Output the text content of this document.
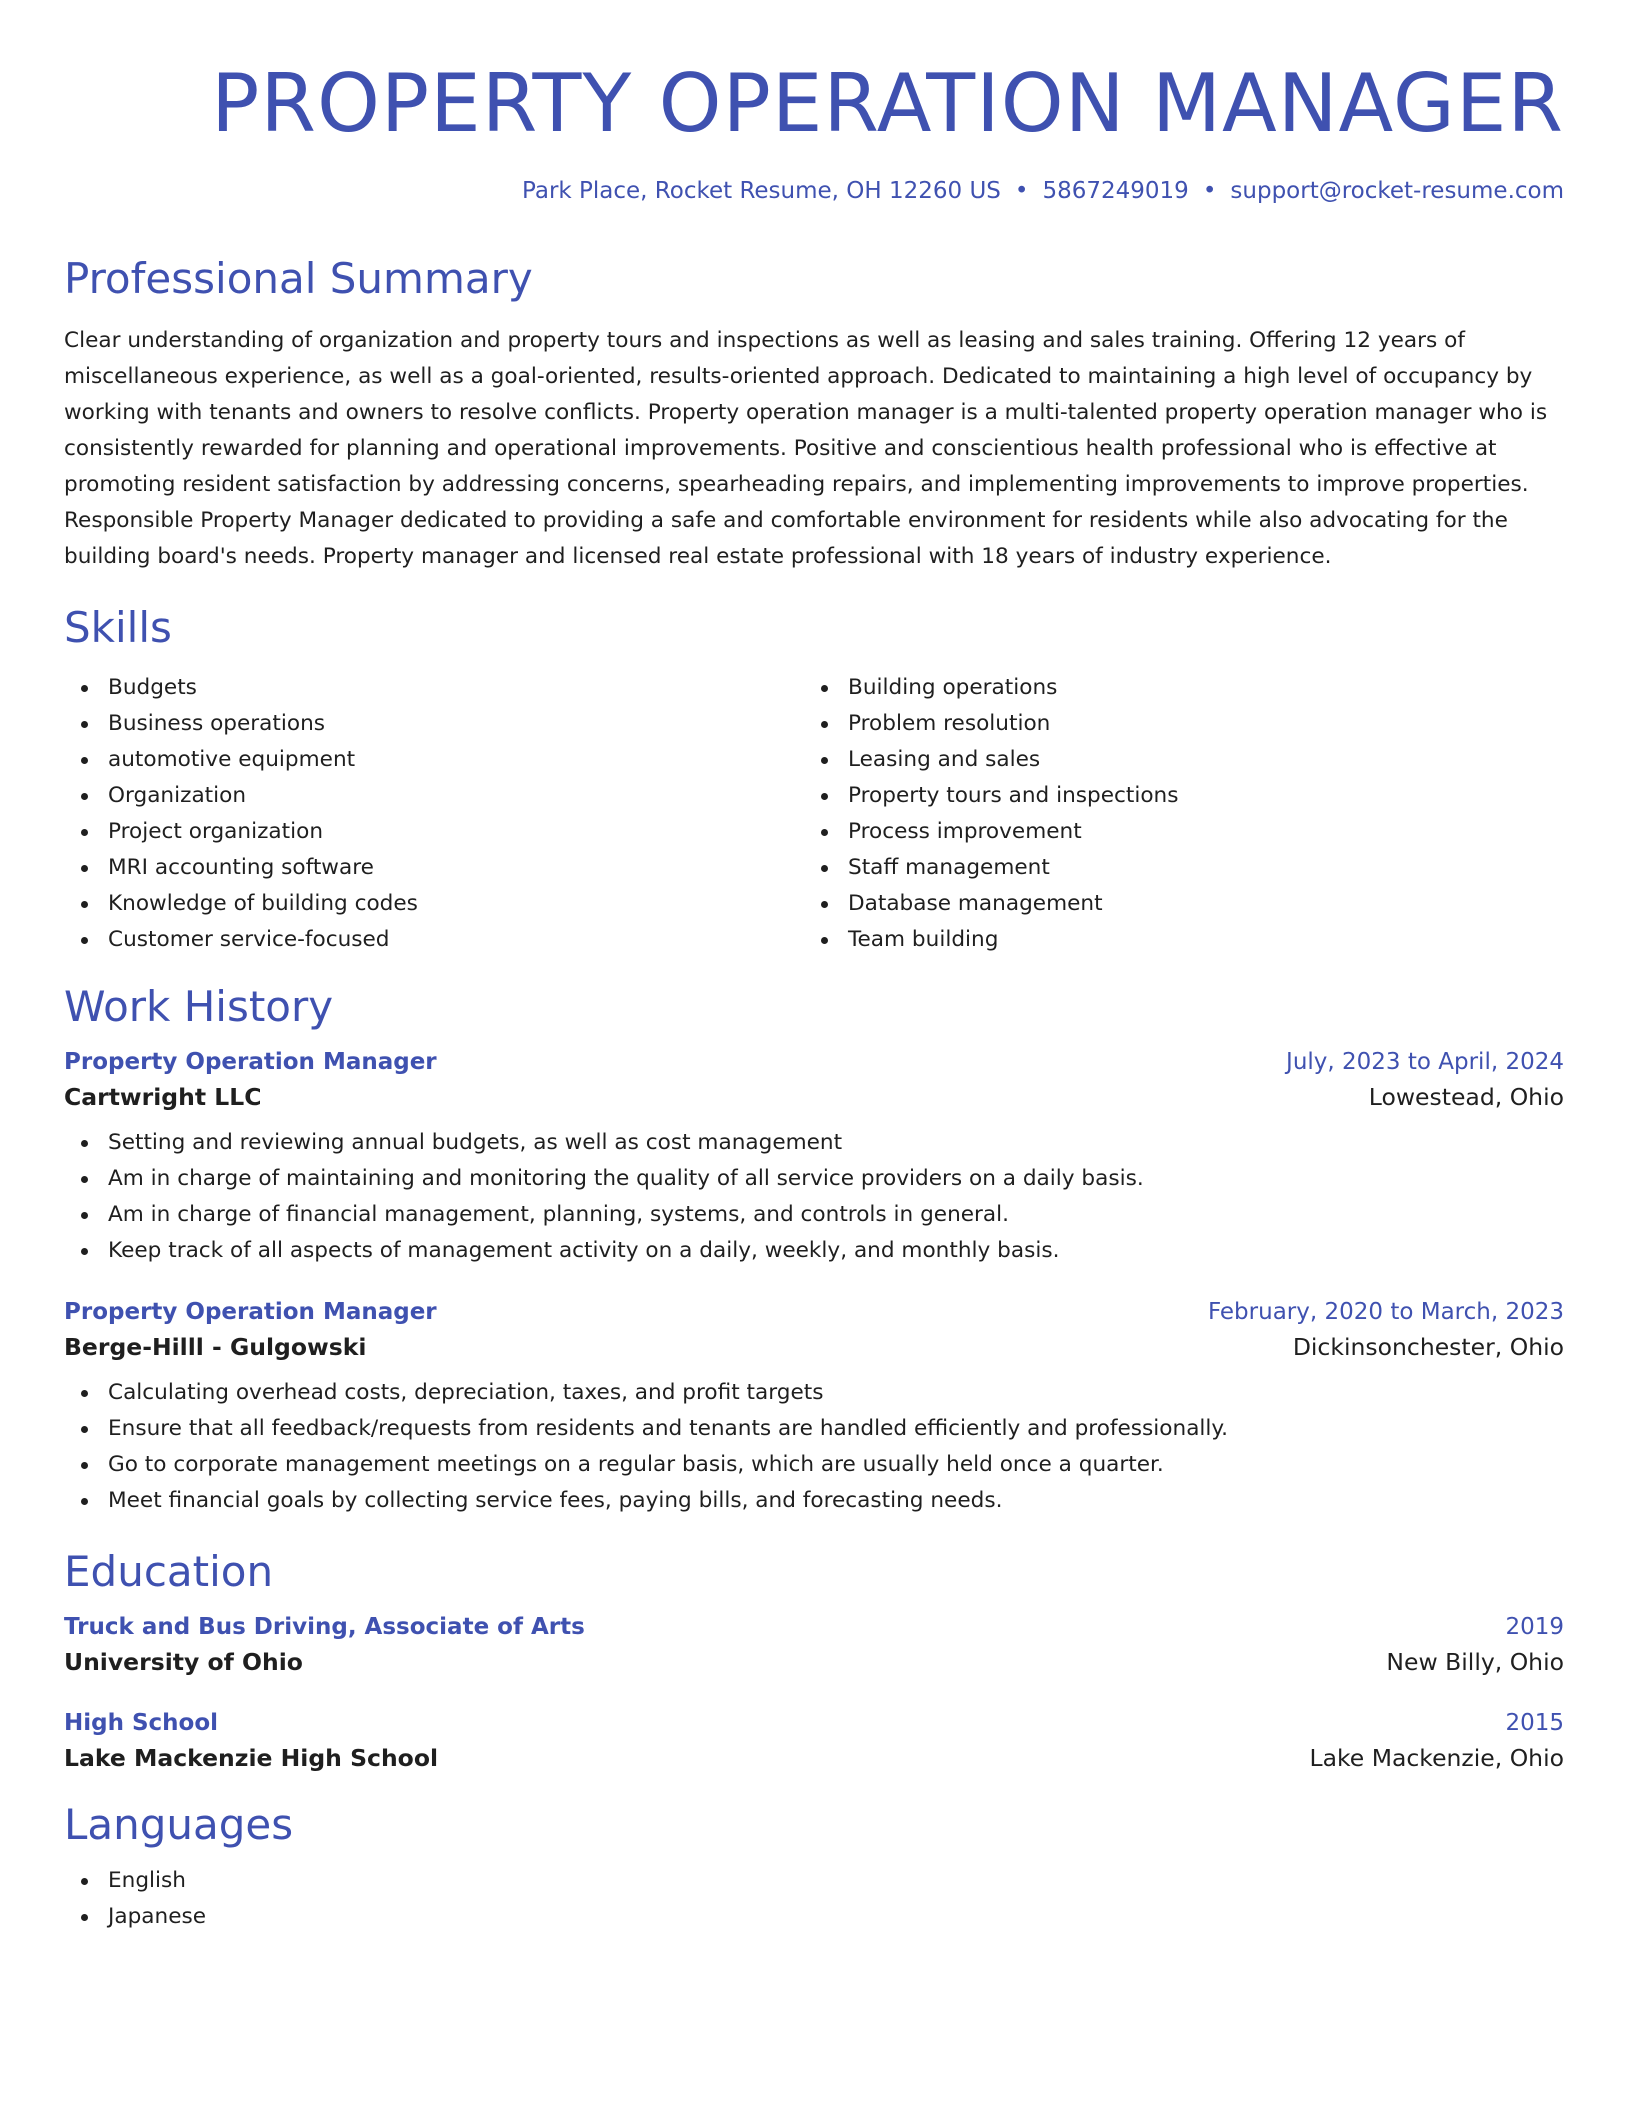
PROPERTY OPERATION MANAGER
Park Place, Rocket Resume, OH 12260 US • 5867249019 • support@rocket-resume.com
Professional Summary
Clear understanding of organization and property tours and inspections as well as leasing and sales training. Offering 12 years of miscellaneous experience, as well as a goal-oriented, results-oriented approach. Dedicated to maintaining a high level of occupancy by working with tenants and owners to resolve conflicts. Property operation manager is a multi-talented property operation manager who is consistently rewarded for planning and operational improvements. Positive and conscientious health professional who is effective at promoting resident satisfaction by addressing concerns, spearheading repairs, and implementing improvements to improve properties. Responsible Property Manager dedicated to providing a safe and comfortable environment for residents while also advocating for the building board's needs. Property manager and licensed real estate professional with 18 years of industry experience.
Skills
Budgets
Business operations
automotive equipment
Organization
Project organization
MRI accounting software
Knowledge of building codes
Customer service-focused
Building operations
Problem resolution
Leasing and sales
Property tours and inspections
Process improvement
Staff management
Database management
Team building
Work History
Property Operation Manager	July, 2023 to April, 2024
Cartwright LLC	Lowestead, Ohio
Setting and reviewing annual budgets, as well as cost management
Am in charge of maintaining and monitoring the quality of all service providers on a daily basis.
Am in charge of financial management, planning, systems, and controls in general.
Keep track of all aspects of management activity on a daily, weekly, and monthly basis.
Property Operation Manager	February, 2020 to March, 2023
Berge-Hilll - Gulgowski	Dickinsonchester, Ohio
Calculating overhead costs, depreciation, taxes, and profit targets
Ensure that all feedback/requests from residents and tenants are handled efficiently and professionally.
Go to corporate management meetings on a regular basis, which are usually held once a quarter.
Meet financial goals by collecting service fees, paying bills, and forecasting needs.
Education
Truck and Bus Driving, Associate of Arts	2019
University of Ohio	New Billy, Ohio
High School	2015
Lake Mackenzie High School	Lake Mackenzie, Ohio
Languages
English
Japanese
